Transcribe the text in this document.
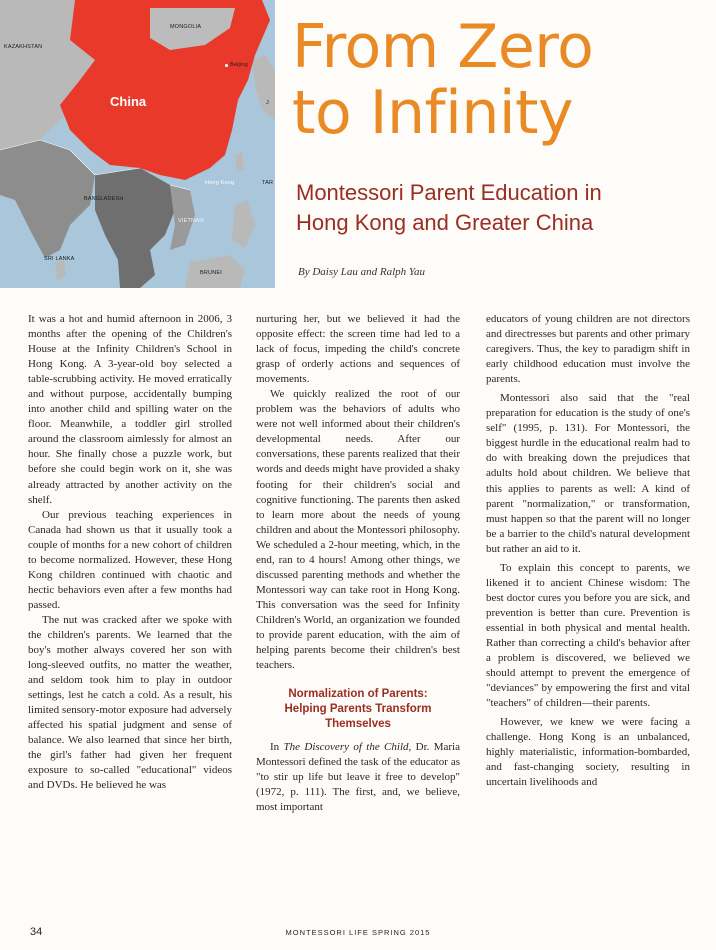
KAZAKHSTAN
MONGOLIA
Beijing
China
Hong Kong	TAR
J
BANGLADESH
VIETNAM
SRI LANKA
BRUNEI
From Zero
to Infinity
Montessori Parent Education in
Hong Kong and Greater China
By Daisy Lau and Ralph Yau

It was a hot and humid afternoon in 2006, 3 months after the opening of the Children's House at the Infinity Children's School in Hong Kong. A 3-year-old boy selected a table-scrubbing activity. He moved erratically and without purpose, accidentally bumping into another child and spilling water on the floor. Meanwhile, a toddler girl strolled around the classroom aimlessly for almost an hour. She finally chose a puzzle work, but before she could begin work on it, she was already attracted by another activity on the shelf.

Our previous teaching experiences in Canada had shown us that it usually took a couple of months for a new cohort of children to become normalized. However, these Hong Kong children continued with chaotic and hectic behaviors even after a few months had passed.

The nut was cracked after we spoke with the children's parents. We learned that the boy's mother always covered her son with long-sleeved outfits, no matter the weather, and seldom took him to play in outdoor settings, lest he catch a cold. As a result, his limited sensory-motor exposure had adversely affected his spatial judgment and sense of balance. We also learned that since her birth, the girl's father had given her frequent exposure to so-called "educational" videos and DVDs. He believed he was

nurturing her, but we believed it had the opposite effect: the screen time had led to a lack of focus, impeding the child's concrete grasp of orderly actions and sequences of movements.

We quickly realized the root of our problem was the behaviors of adults who were not well informed about their children's developmental needs. After our conversations, these parents realized that their words and deeds might have provided a shaky footing for their children's social and cognitive functioning. The parents then asked to learn more about the needs of young children and about the Montessori philosophy. We scheduled a 2-hour meeting, which, in the end, ran to 4 hours! Among other things, we discussed parenting methods and whether the Montessori way can take root in Hong Kong. This conversation was the seed for Infinity Children's World, an organization we founded to provide parent education, with the aim of helping parents become their children's best teachers.

Normalization of Parents:
Helping Parents Transform
Themselves

In The Discovery of the Child, Dr. Maria Montessori defined the task of the educator as "to stir up life but leave it free to develop" (1972, p. 111). The first, and, we believe, most important

educators of young children are not directors and directresses but parents and other primary caregivers. Thus, the key to paradigm shift in early childhood education must involve the parents.

Montessori also said that the "real preparation for education is the study of one's self" (1995, p. 131). For Montessori, the biggest hurdle in the educational realm had to do with breaking down the prejudices that adults hold about children. We believe that this applies to parents as well: A kind of parent "normalization," or transformation, must happen so that the parent will no longer be a barrier to the child's natural development but rather an aid to it.

To explain this concept to parents, we likened it to ancient Chinese wisdom: The best doctor cures you before you are sick, and prevention is better than cure. Prevention is essential in both physical and mental health. Rather than correcting a child's behavior after a problem is discovered, we believed we should attempt to prevent the emergence of "deviances" by empowering the first and vital "teachers" of children—their parents.

However, we knew we were facing a challenge. Hong Kong is an unbalanced, highly materialistic, information-bombarded, and fast-changing society, resulting in uncertain livelihoods and

34	MONTESSORI LIFE SPRING 2015
